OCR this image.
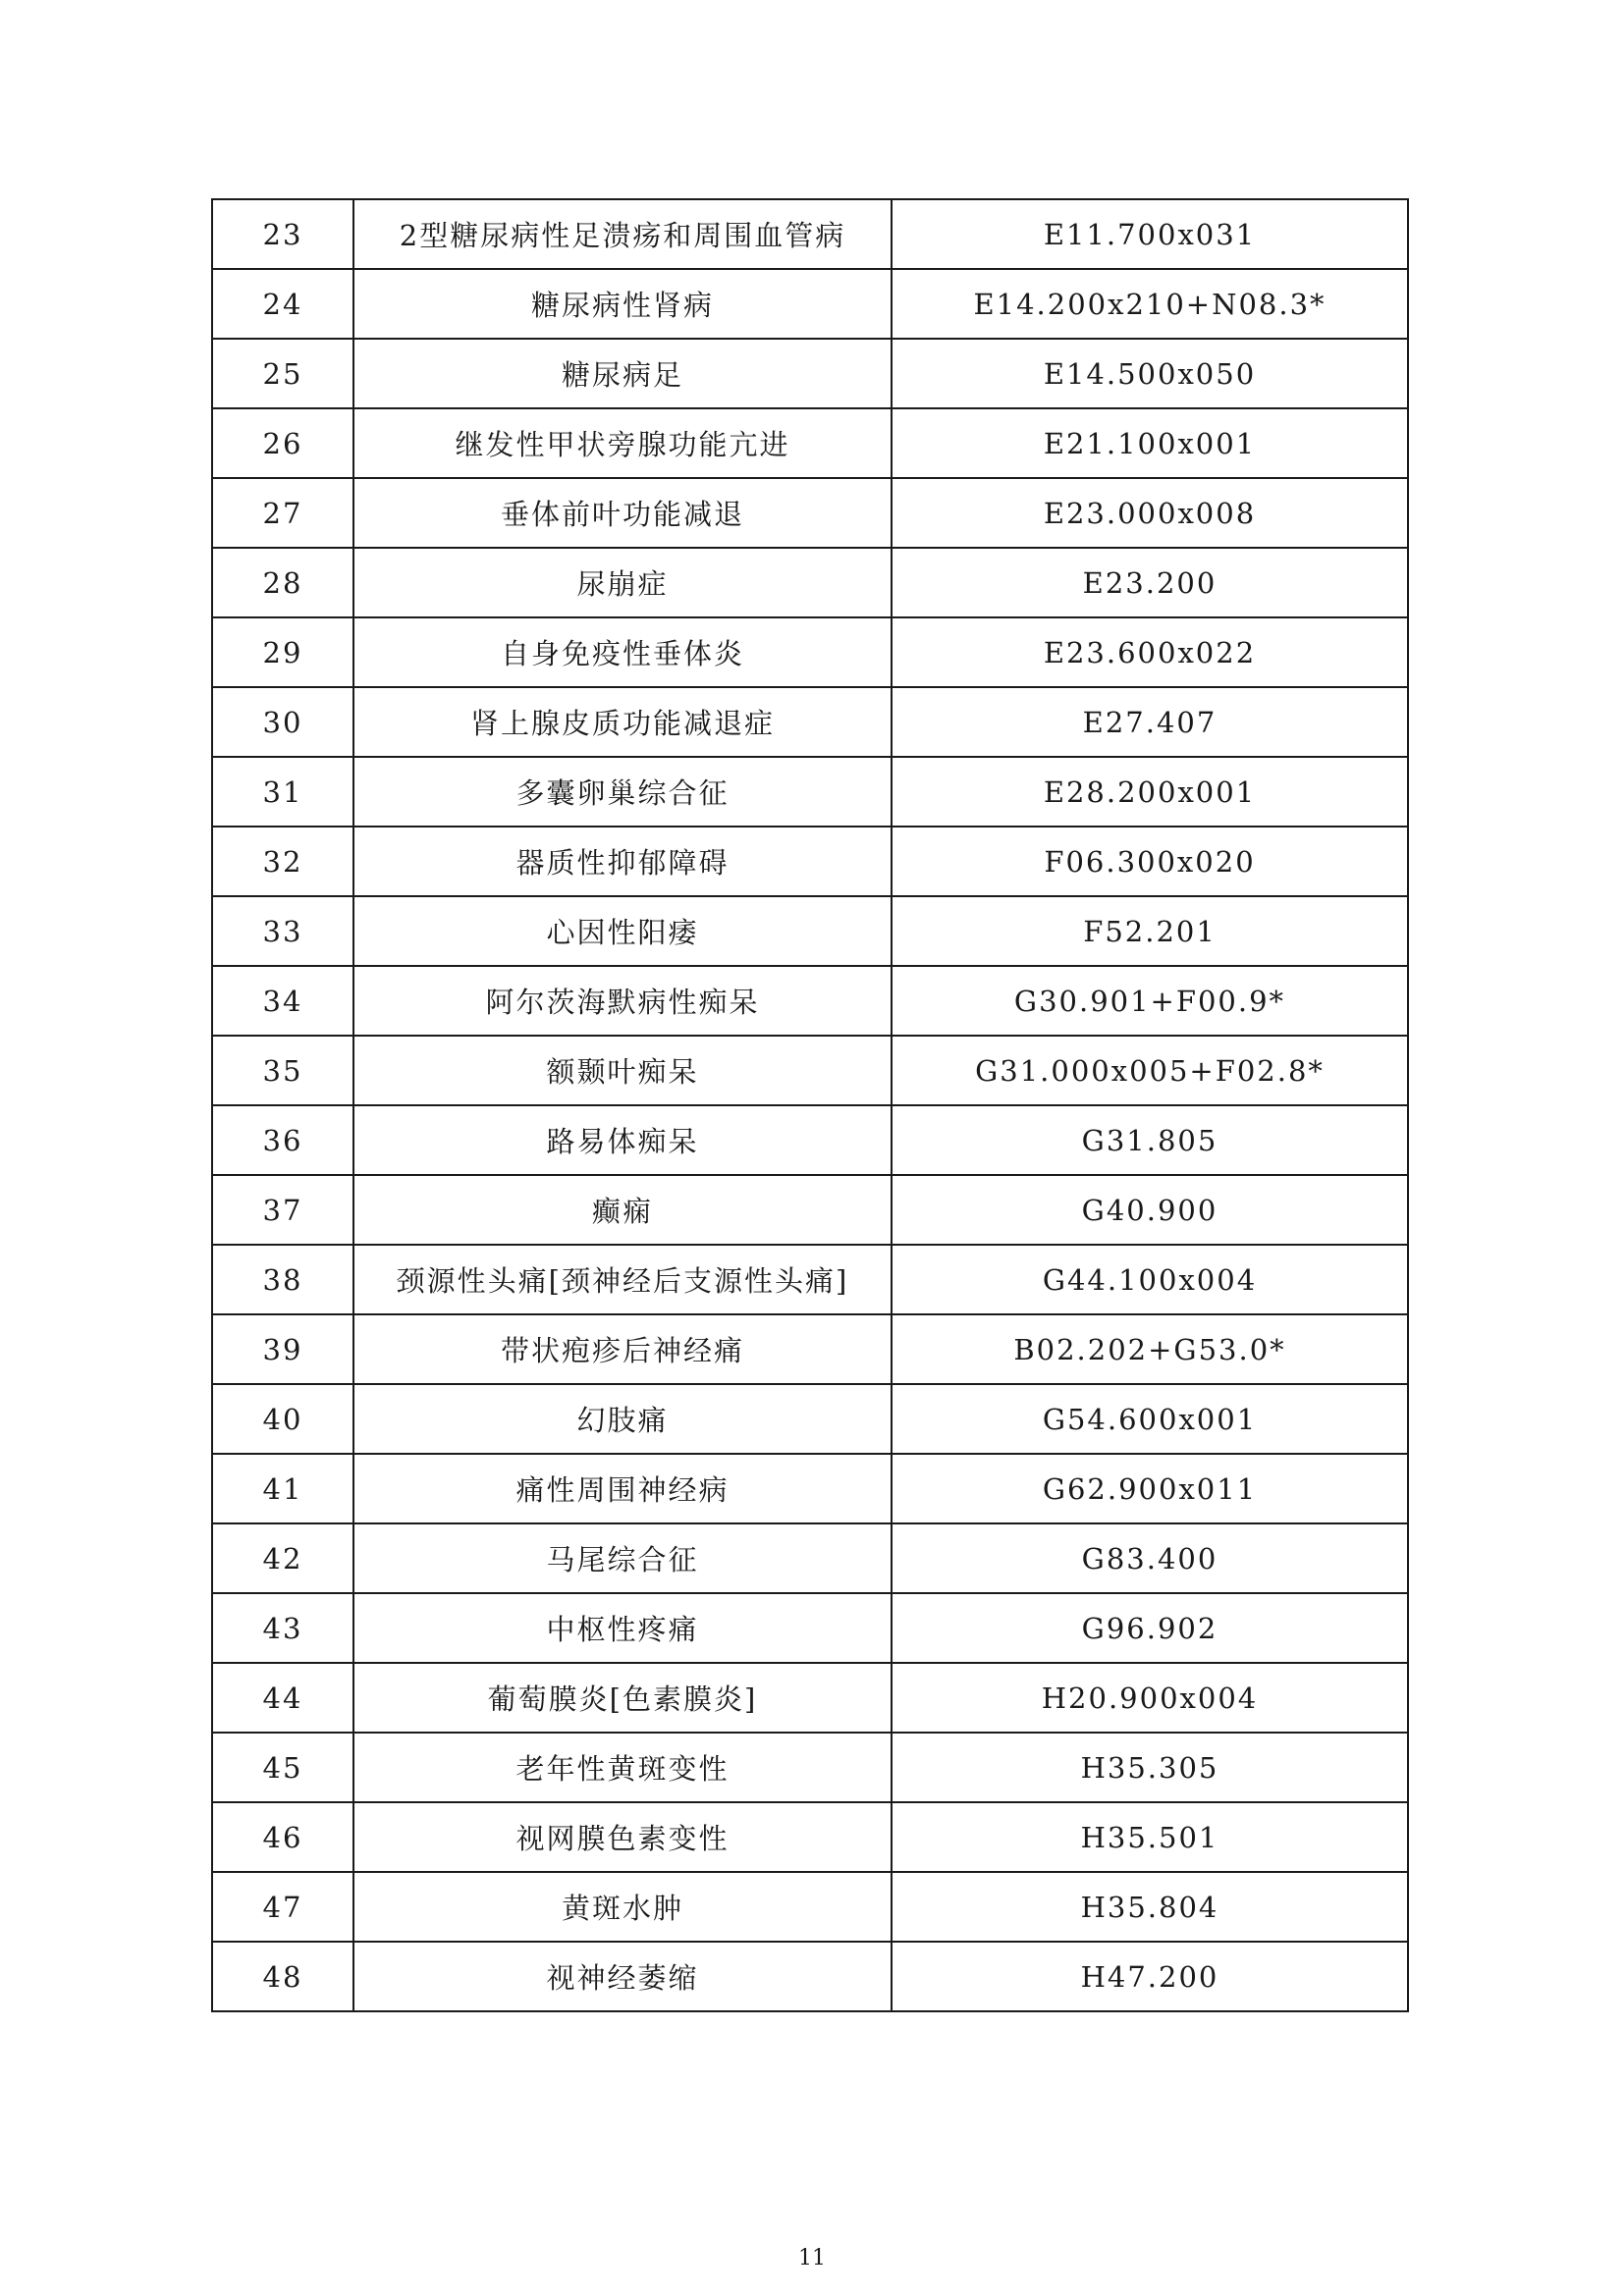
23	2型糖尿病性足溃疡和周围血管病	E11.700x031
24	糖尿病性肾病	E14.200x210+N08.3*
25	糖尿病足	E14.500x050
26	继发性甲状旁腺功能亢进	E21.100x001
27	垂体前叶功能减退	E23.000x008
28	尿崩症	E23.200
29	自身免疫性垂体炎	E23.600x022
30	肾上腺皮质功能减退症	E27.407
31	多囊卵巢综合征	E28.200x001
32	器质性抑郁障碍	F06.300x020
33	心因性阳痿	F52.201
34	阿尔茨海默病性痴呆	G30.901+F00.9*
35	额颞叶痴呆	G31.000x005+F02.8*
36	路易体痴呆	G31.805
37	癫痫	G40.900
38	颈源性头痛[颈神经后支源性头痛]	G44.100x004
39	带状疱疹后神经痛	B02.202+G53.0*
40	幻肢痛	G54.600x001
41	痛性周围神经病	G62.900x011
42	马尾综合征	G83.400
43	中枢性疼痛	G96.902
44	葡萄膜炎[色素膜炎]	H20.900x004
45	老年性黄斑变性	H35.305
46	视网膜色素变性	H35.501
47	黄斑水肿	H35.804
48	视神经萎缩	H47.200
11
